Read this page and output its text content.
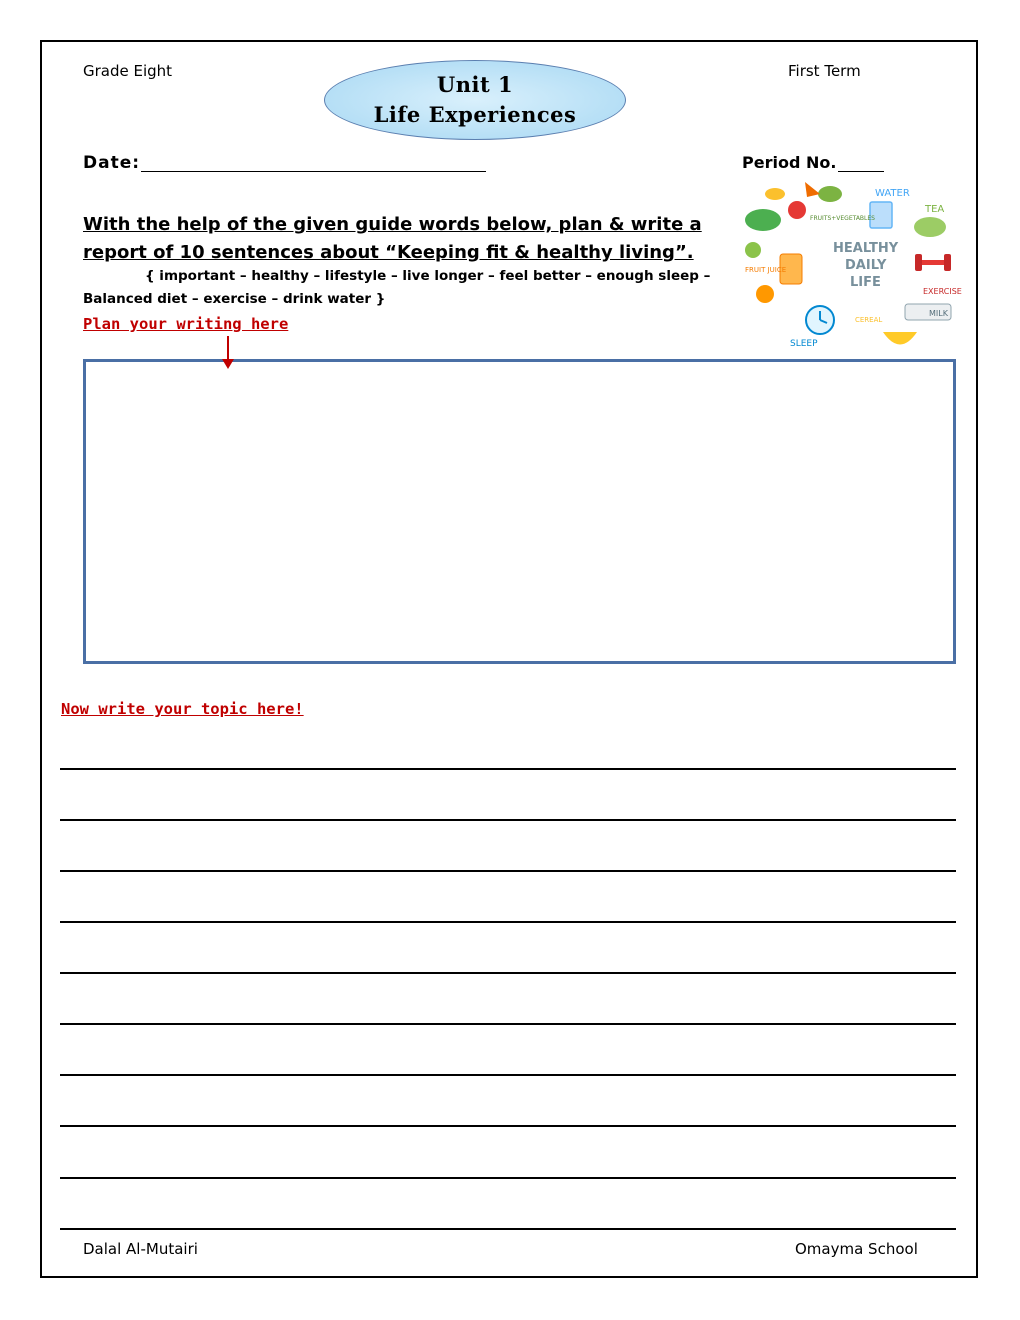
Grade Eight	First Term
Unit 1
Life Experiences
Date:	Period No.
With the help of the given guide words below, plan & write a report of 10 sentences about “Keeping fit & healthy living”.
{ important – healthy – lifestyle – live longer – feel better – enough sleep –
Balanced diet – exercise – drink water }
Plan your writing here
Now write your topic here!
Dalal Al-Mutairi	Omayma School
HEALTHY
DAILY
LIFE
WATER
TEA
FRUITS+VEGETABLES
FRUIT JUICE
EXERCISE
MILK
SLEEP
CEREAL
